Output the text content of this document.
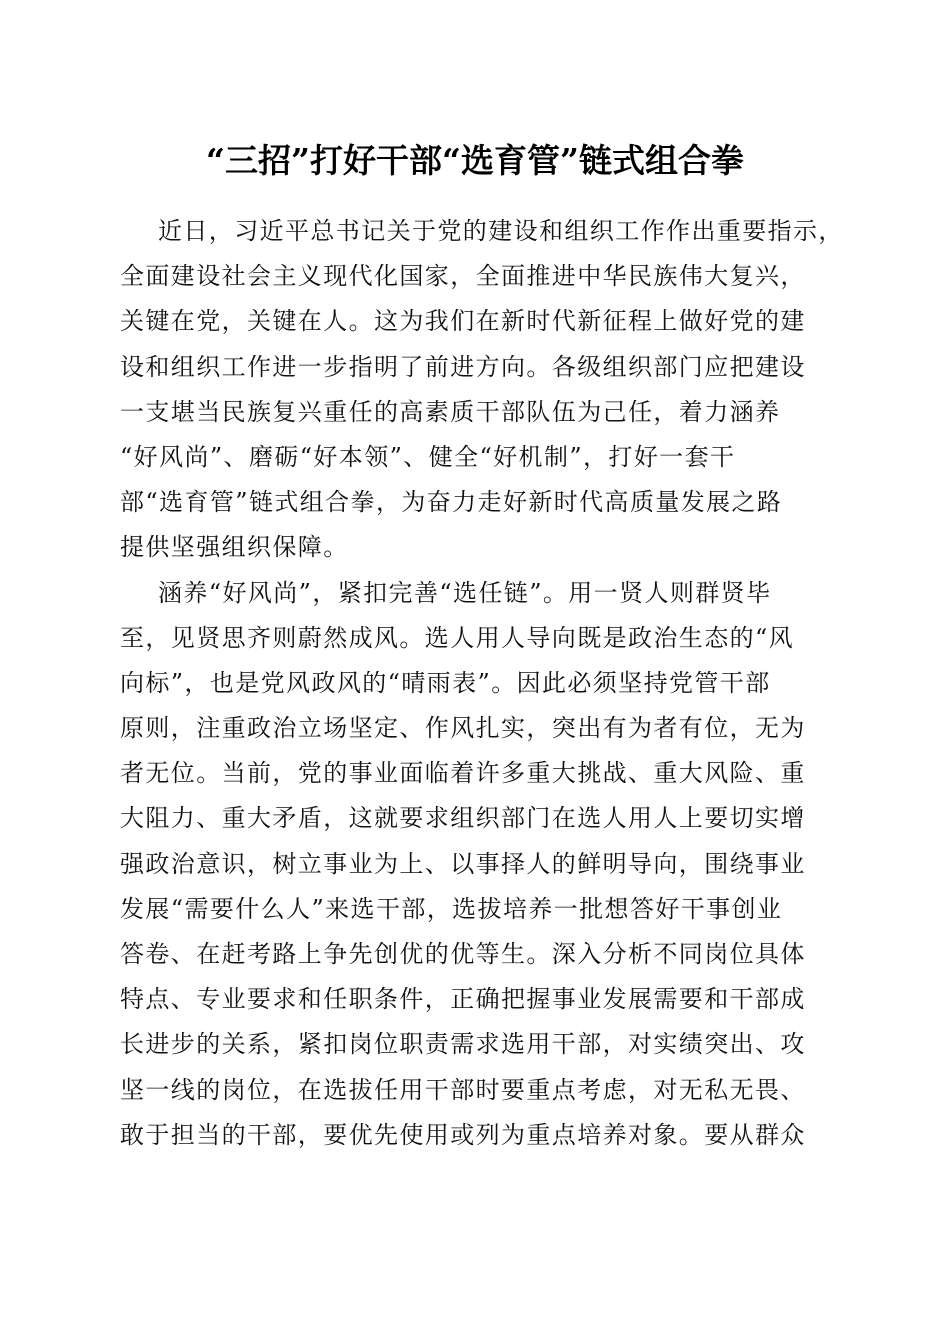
“三招”打好干部“选育管”链式组合拳
近日，习近平总书记关于党的建设和组织工作作出重要指示，
全面建设社会主义现代化国家，全面推进中华民族伟大复兴，
关键在党，关键在人。这为我们在新时代新征程上做好党的建
设和组织工作进一步指明了前进方向。各级组织部门应把建设
一支堪当民族复兴重任的高素质干部队伍为己任，着力涵养
“好风尚”、磨砺“好本领”、健全“好机制”，打好一套干
部“选育管”链式组合拳，为奋力走好新时代高质量发展之路
提供坚强组织保障。
涵养“好风尚”，紧扣完善“选任链”。用一贤人则群贤毕
至，见贤思齐则蔚然成风。选人用人导向既是政治生态的“风
向标”，也是党风政风的“晴雨表”。因此必须坚持党管干部
原则，注重政治立场坚定、作风扎实，突出有为者有位，无为
者无位。当前，党的事业面临着许多重大挑战、重大风险、重
大阻力、重大矛盾，这就要求组织部门在选人用人上要切实增
强政治意识，树立事业为上、以事择人的鲜明导向，围绕事业
发展“需要什么人”来选干部，选拔培养一批想答好干事创业
答卷、在赶考路上争先创优的优等生。深入分析不同岗位具体
特点、专业要求和任职条件，正确把握事业发展需要和干部成
长进步的关系，紧扣岗位职责需求选用干部，对实绩突出、攻
坚一线的岗位，在选拔任用干部时要重点考虑，对无私无畏、
敢于担当的干部，要优先使用或列为重点培养对象。要从群众
